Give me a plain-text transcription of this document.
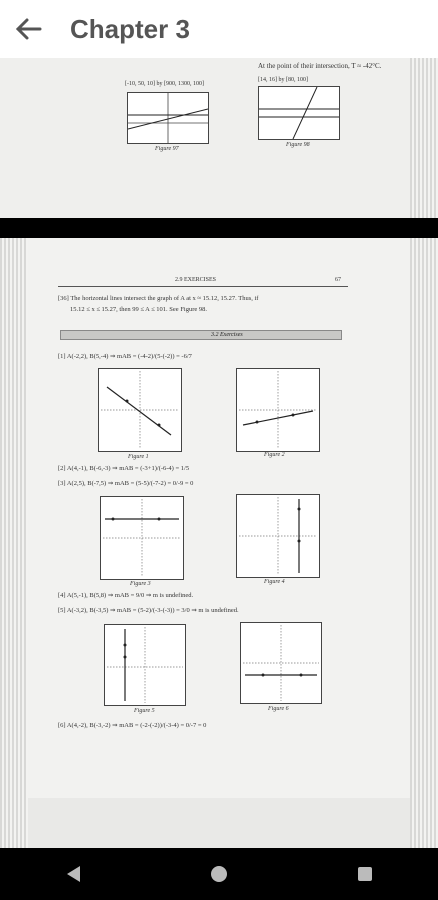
Chapter 3
At the point of their intersection, T ≈ -42°C.
[-10, 50, 10] by [900, 1300, 100]
[14, 16] by [80, 100]
Figure 97
Figure 98
2.9 EXERCISES	67
[36] The horizontal lines intersect the graph of A at x ≈ 15.12, 15.27. Thus, if
15.12 ≤ x ≤ 15.27, then 99 ≤ A ≤ 101. See Figure 98.
3.2 Exercises
[1] A(-2,2), B(5,-4) ⇒ mAB = (-4-2)/(5-(-2)) = -6/7
Figure 1	Figure 2
[2] A(4,-1), B(-6,-3) ⇒ mAB = (-3+1)/(-6-4) = 1/5
[3] A(2,5), B(-7,5) ⇒ mAB = (5-5)/(-7-2) = 0/-9 = 0
Figure 3	Figure 4
[4] A(5,-1), B(5,8) ⇒ mAB = 9/0 ⇒ m is undefined.
[5] A(-3,2), B(-3,5) ⇒ mAB = (5-2)/(-3-(-3)) = 3/0 ⇒ m is undefined.
Figure 5	Figure 6
[6] A(4,-2), B(-3,-2) ⇒ mAB = (-2-(-2))/(-3-4) = 0/-7 = 0
